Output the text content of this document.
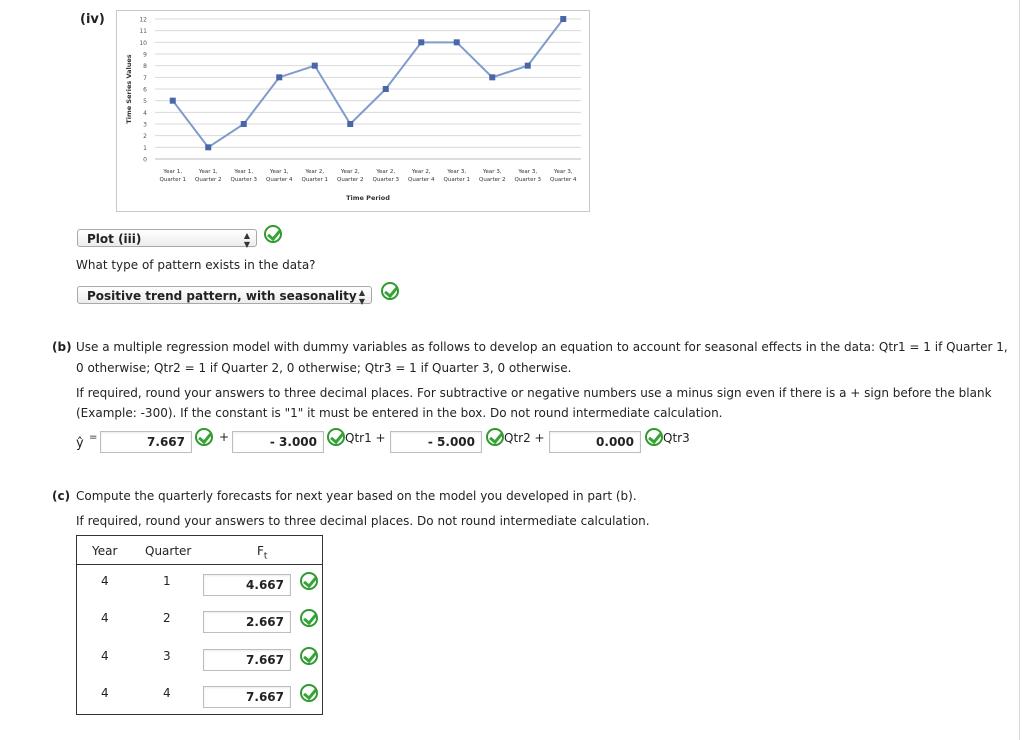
(iv)
0
1
2
3
4
5
6
7
8
9
10
11
12
Time Series Values
Year 1,
Quarter 1
Year 1,
Quarter 2
Year 1,
Quarter 3
Year 1,
Quarter 4
Year 2,
Quarter 1
Year 2,
Quarter 2
Year 2,
Quarter 3
Year 2,
Quarter 4
Year 3,
Quarter 1
Year 3,
Quarter 2
Year 3,
Quarter 3
Year 3,
Quarter 4
Time Period
Plot (iii)	▲
▼
What type of pattern exists in the data?
Positive trend pattern, with seasonality ▲
▼
(b) Use a multiple regression model with dummy variables as follows to develop an equation to account for seasonal effects in the data: Qtr1 = 1 if Quarter 1,
0 otherwise; Qtr2 = 1 if Quarter 2, 0 otherwise; Qtr3 = 1 if Quarter 3, 0 otherwise.
If required, round your answers to three decimal places. For subtractive or negative numbers use a minus sign even if there is a + sign before the blank
(Example: -300). If the constant is "1" it must be entered in the box. Do not round intermediate calculation.
ŷ =	7.667	+	- 3.000	Qtr1 +	- 5.000	Qtr2 +	0.000	Qtr3
(c) Compute the quarterly forecasts for next year based on the model you developed in part (b).
If required, round your answers to three decimal places. Do not round intermediate calculation.
Year Quarter	$F_t$
4	1	4.667
4	2	2.667
4	3	7.667
4	4	7.667
